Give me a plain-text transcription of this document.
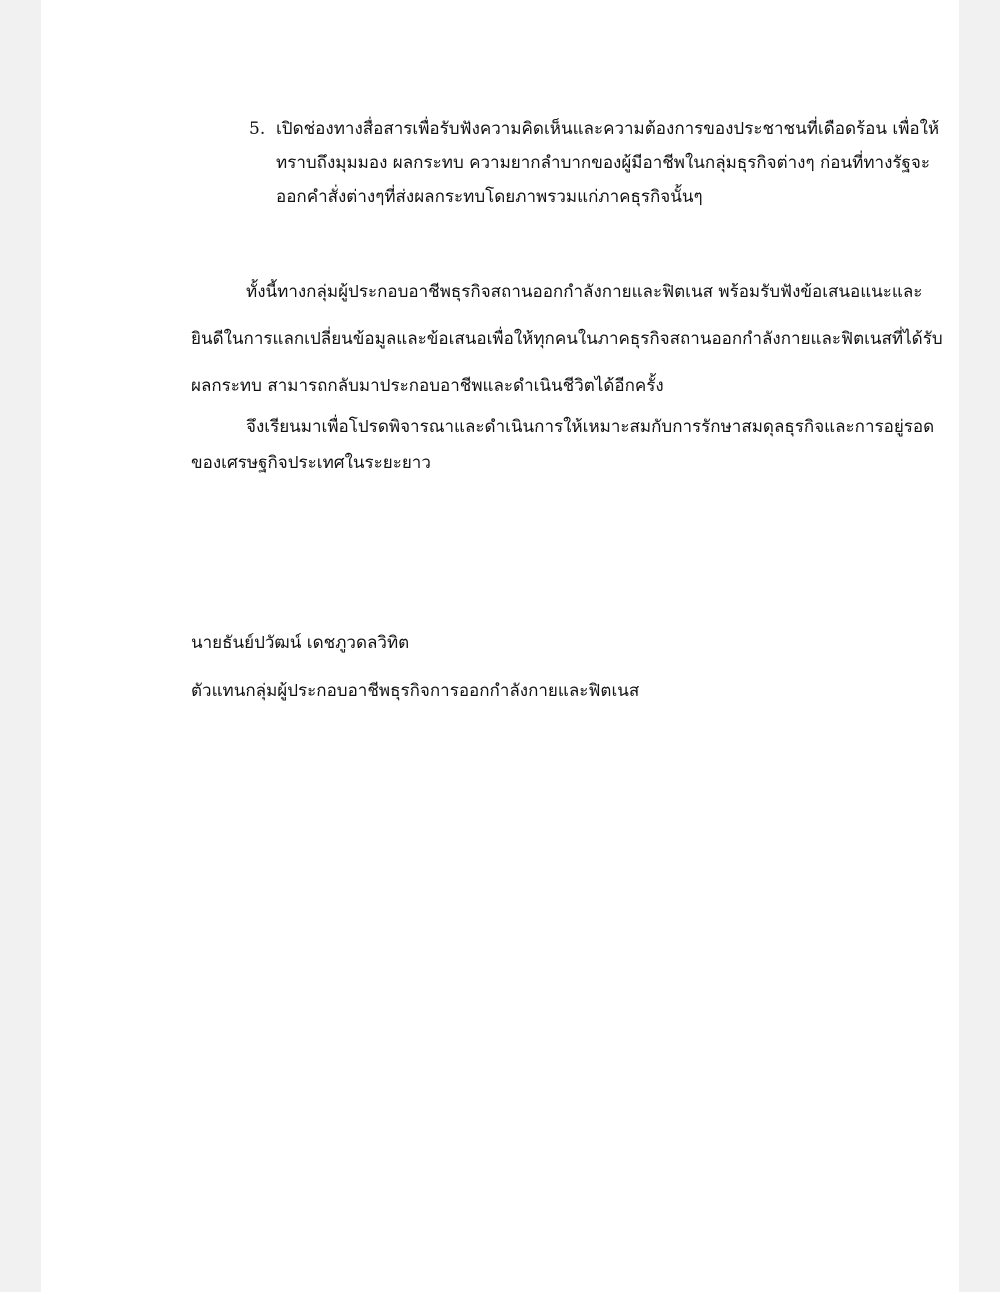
5. เปิดช่องทางสื่อสารเพื่อรับฟังความคิดเห็นและความต้องการของประชาชนที่เดือดร้อน เพื่อให้
ทราบถึงมุมมอง ผลกระทบ ความยากลำบากของผู้มีอาชีพในกลุ่มธุรกิจต่างๆ ก่อนที่ทางรัฐจะ
ออกคำสั่งต่างๆที่ส่งผลกระทบโดยภาพรวมแก่ภาคธุรกิจนั้นๆ
ทั้งนี้ทางกลุ่มผู้ประกอบอาชีพธุรกิจสถานออกกำลังกายและฟิตเนส พร้อมรับฟังข้อเสนอแนะและ
ยินดีในการแลกเปลี่ยนข้อมูลและข้อเสนอเพื่อให้ทุกคนในภาคธุรกิจสถานออกกำลังกายและฟิตเนสที่ได้รับ
ผลกระทบ สามารถกลับมาประกอบอาชีพและดำเนินชีวิตได้อีกครั้ง
จึงเรียนมาเพื่อโปรดพิจารณาและดำเนินการให้เหมาะสมกับการรักษาสมดุลธุรกิจและการอยู่รอด
ของเศรษฐกิจประเทศในระยะยาว
นายธันย์ปวัฒน์ เดชภูวดลวิทิต
ตัวแทนกลุ่มผู้ประกอบอาชีพธุรกิจการออกกำลังกายและฟิตเนส
